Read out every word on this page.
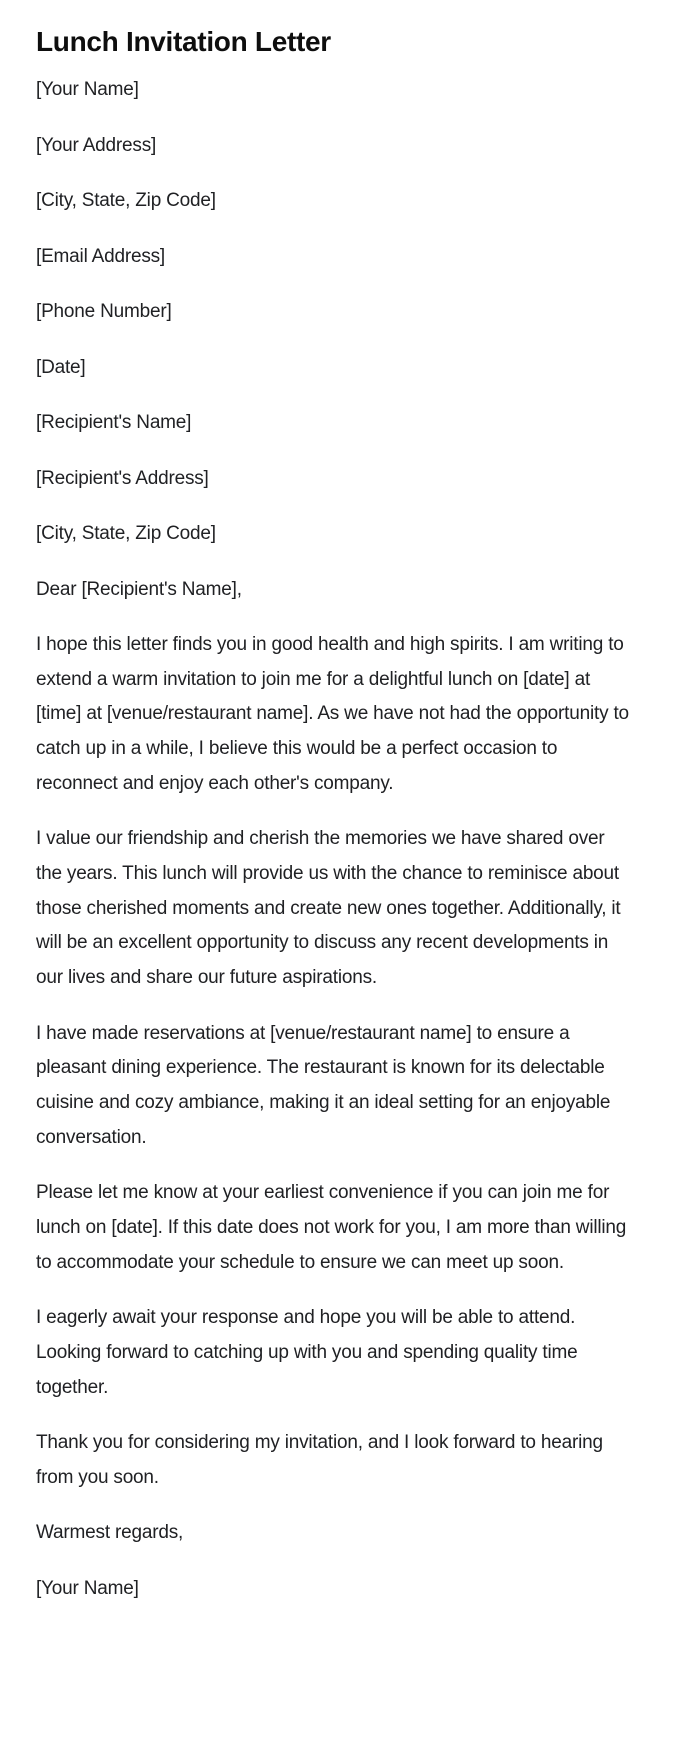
Lunch Invitation Letter

[Your Name]

[Your Address]

[City, State, Zip Code]

[Email Address]

[Phone Number]

[Date]

[Recipient's Name]

[Recipient's Address]

[City, State, Zip Code]

Dear [Recipient's Name],

I hope this letter finds you in good health and high spirits. I am writing to extend a warm invitation to join me for a delightful lunch on [date] at [time] at [venue/restaurant name]. As we have not had the opportunity to catch up in a while, I believe this would be a perfect occasion to reconnect and enjoy each other's company.

I value our friendship and cherish the memories we have shared over the years. This lunch will provide us with the chance to reminisce about those cherished moments and create new ones together. Additionally, it will be an excellent opportunity to discuss any recent developments in our lives and share our future aspirations.

I have made reservations at [venue/restaurant name] to ensure a pleasant dining experience. The restaurant is known for its delectable cuisine and cozy ambiance, making it an ideal setting for an enjoyable conversation.

Please let me know at your earliest convenience if you can join me for lunch on [date]. If this date does not work for you, I am more than willing to accommodate your schedule to ensure we can meet up soon.

I eagerly await your response and hope you will be able to attend. Looking forward to catching up with you and spending quality time together.

Thank you for considering my invitation, and I look forward to hearing from you soon.

Warmest regards,

[Your Name]
